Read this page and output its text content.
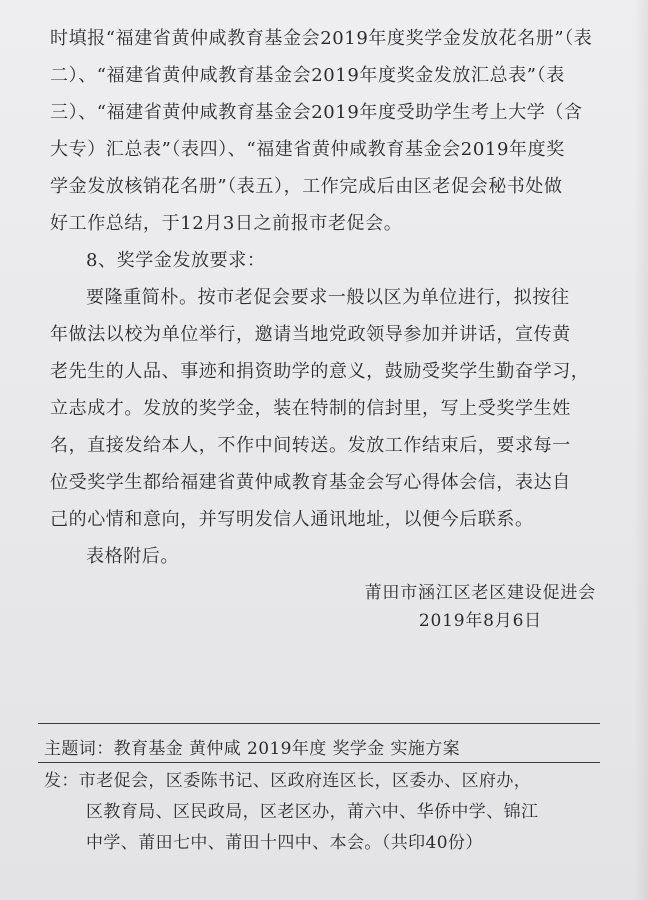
时填报“福建省黄仲咸教育基金会2019年度奖学金发放花名册”（表
二）、“福建省黄仲咸教育基金会2019年度奖金发放汇总表”（表
三）、“福建省黄仲咸教育基金会2019年度受助学生考上大学（含
大专）汇总表”（表四）、“福建省黄仲咸教育基金会2019年度奖
学金发放核销花名册”（表五），工作完成后由区老促会秘书处做
好工作总结，于12月3日之前报市老促会。
8、奖学金发放要求：
要隆重简朴。按市老促会要求一般以区为单位进行，拟按往
年做法以校为单位举行，邀请当地党政领导参加并讲话，宣传黄
老先生的人品、事迹和捐资助学的意义，鼓励受奖学生勤奋学习，
立志成才。发放的奖学金，装在特制的信封里，写上受奖学生姓
名，直接发给本人，不作中间转送。发放工作结束后，要求每一
位受奖学生都给福建省黄仲咸教育基金会写心得体会信，表达自
己的心情和意向，并写明发信人通讯地址，以便今后联系。
表格附后。
莆田市涵江区老区建设促进会
2019年8月6日
主题词：教育基金 黄仲咸 2019年度 奖学金 实施方案
发：市老促会，区委陈书记、区政府连区长，区委办、区府办，
区教育局、区民政局，区老区办，莆六中、华侨中学、锦江
中学、莆田七中、莆田十四中、本会。（共印40份）
